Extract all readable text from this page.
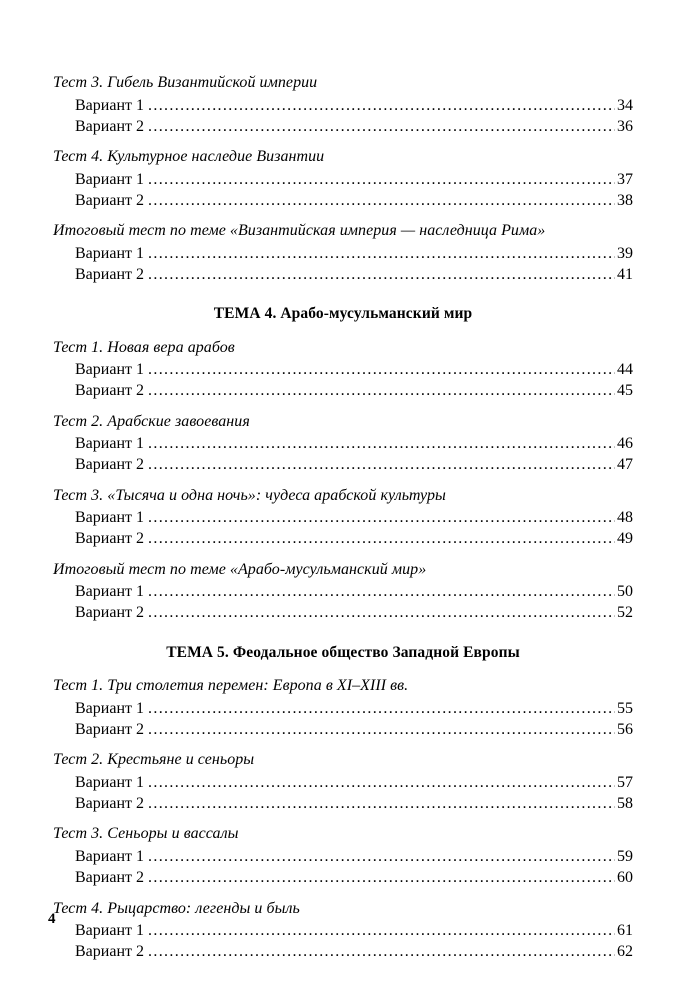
Тест 3. Гибель Византийской империи
Вариант 1 .....	34
Вариант 2 .....	36
Тест 4. Культурное наследие Византии
Вариант 1 .....	37
Вариант 2 .....	38
Итоговый тест по теме «Византийская империя — наследница Рима»
Вариант 1 .....	39
Вариант 2 .....	41
ТЕМА 4. Арабо-мусульманский мир
Тест 1. Новая вера арабов
Вариант 1 .....	44
Вариант 2 .....	45
Тест 2. Арабские завоевания
Вариант 1 .....	46
Вариант 2 .....	47
Тест 3. «Тысяча и одна ночь»: чудеса арабской культуры
Вариант 1 .....	48
Вариант 2 .....	49
Итоговый тест по теме «Арабо-мусульманский мир»
Вариант 1 .....	50
Вариант 2 .....	52
ТЕМА 5. Феодальное общество Западной Европы
Тест 1. Три столетия перемен: Европа в XI–XIII вв.
Вариант 1 .....	55
Вариант 2 .....	56
Тест 2. Крестьяне и сеньоры
Вариант 1 .....	57
Вариант 2 .....	58
Тест 3. Сеньоры и вассалы
Вариант 1 .....	59
Вариант 2 .....	60
Тест 4. Рыцарство: легенды и быль
Вариант 1 .....	61
Вариант 2 .....	62
4
